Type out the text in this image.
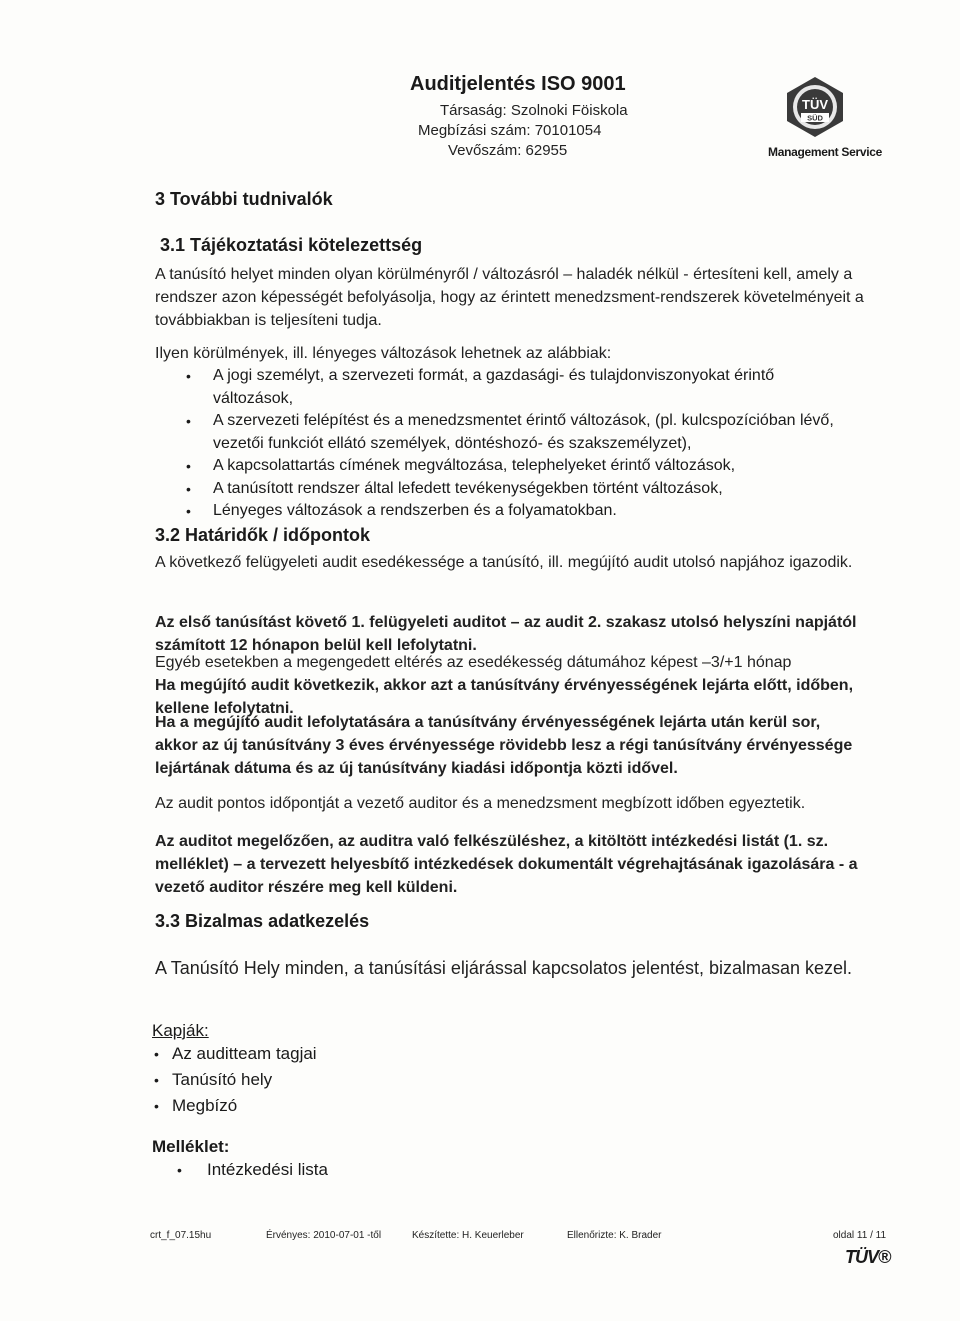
Auditjelentés ISO 9001
Társaság: Szolnoki Föiskola
Megbízási szám: 70101054
Vevőszám: 62955
TÜV
SÜD
Management Service
3 További tudnivalók
3.1 Tájékoztatási kötelezettség
A tanúsító helyet minden olyan körülményről / változásról – haladék nélkül - értesíteni kell, amely a rendszer azon képességét befolyásolja, hogy az érintett menedzsment-rendszerek követelményeit a továbbiakban is teljesíteni tudja.
Ilyen körülmények, ill. lényeges változások lehetnek az alábbiak:
• A jogi személyt, a szervezeti formát, a gazdasági- és tulajdonviszonyokat érintő változások,
• A szervezeti felépítést és a menedzsmentet érintő változások, (pl. kulcspozícióban lévő, vezetői funkciót ellátó személyek, döntéshozó- és szakszemélyzet),
• A kapcsolattartás címének megváltozása, telephelyeket érintő változások,
• A tanúsított rendszer által lefedett tevékenységekben történt változások,
• Lényeges változások a rendszerben és a folyamatokban.
3.2 Határidők / időpontok
A következő felügyeleti audit esedékessége a tanúsító, ill. megújító audit utolsó napjához igazodik.
Az első tanúsítást követő 1. felügyeleti auditot – az audit 2. szakasz utolsó helyszíni napjától számított 12 hónapon belül kell lefolytatni.
Egyéb esetekben a megengedett eltérés az esedékesség dátumához képest –3/+1 hónap
Ha megújító audit következik, akkor azt a tanúsítvány érvényességének lejárta előtt, időben, kellene lefolytatni.
Ha a megújító audit lefolytatására a tanúsítvány érvényességének lejárta után kerül sor, akkor az új tanúsítvány 3 éves érvényessége rövidebb lesz a régi tanúsítvány érvényessége lejártának dátuma és az új tanúsítvány kiadási időpontja közti idővel.
Az audit pontos időpontját a vezető auditor és a menedzsment megbízott időben egyeztetik.
Az auditot megelőzően, az auditra való felkészüléshez, a kitöltött intézkedési listát (1. sz. melléklet) – a tervezett helyesbítő intézkedések dokumentált végrehajtásának igazolására - a vezető auditor részére meg kell küldeni.
3.3 Bizalmas adatkezelés
A Tanúsító Hely minden, a tanúsítási eljárással kapcsolatos jelentést, bizalmasan kezel.
Kapják:
• Az auditteam tagjai
• Tanúsító hely
• Megbízó
Melléklet:
• Intézkedési lista
crt_f_07.15hu	Érvényes: 2010-07-01 -től	Készítette: H. Keuerleber	Ellenőrizte: K. Brader	oldal 11 / 11
TÜV®
